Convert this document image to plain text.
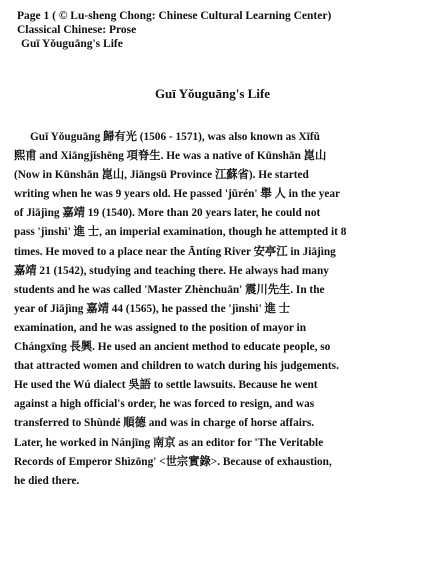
Page 1 ( © Lu-sheng Chong: Chinese Cultural Learning Center)
Classical Chinese: Prose
Guī Yǒuguāng's Life
Guī Yǒuguāng's Life
Guī Yǒuguāng 歸有光 (1506 - 1571), was also known as Xīfǔ
熙甫 and Xiāngjǐshēng 項脊生. He was a native of Kūnshān 崑山
(Now in Kūnshān 崑山, Jiāngsū Province 江蘇省). He started
writing when he was 9 years old. He passed 'jǔrén' 舉 人 in the year
of Jiājìng 嘉靖 19 (1540). More than 20 years later, he could not
pass 'jìnshì' 進 士, an imperial examination, though he attempted it 8
times. He moved to a place near the Āntíng River 安亭江 in Jiājìng
嘉靖 21 (1542), studying and teaching there. He always had many
students and he was called 'Master Zhènchuān' 震川先生. In the
year of Jiājìng 嘉靖 44 (1565), he passed the 'jìnshì' 進 士
examination, and he was assigned to the position of mayor in
Chángxīng 長興. He used an ancient method to educate people, so
that attracted women and children to watch during his judgements.
He used the Wú dialect 吳語 to settle lawsuits. Because he went
against a high official's order, he was forced to resign, and was
transferred to Shùndé 順德 and was in charge of horse affairs.
Later, he worked in Nánjīng 南京 as an editor for 'The Veritable
Records of Emperor Shìzōng' <世宗實錄>. Because of exhaustion,
he died there.
